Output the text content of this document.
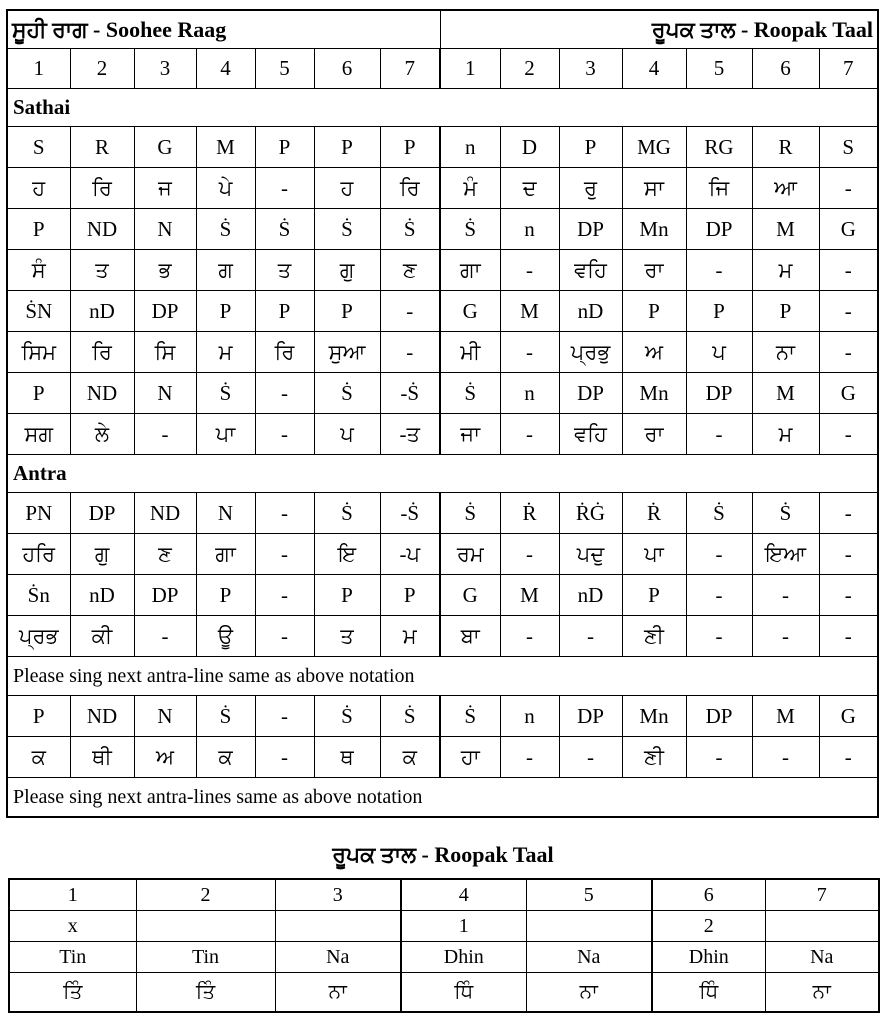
ਸੂਹੀ ਰਾਗ - Soohee Raag							ਰੂਪਕ ਤਾਲ - Roopak Taal						
1	2	3	4	5	6	7	1	2	3	4	5	6	7
Sathai													
S	R	G	M	P	P	P	n	D	P	MG	RG	R	S
ਹ	ਰਿ	ਜ	ਪੇ	-	ਹ	ਰਿ	ਮੰ	ਦ	ਰੁ	ਸਾ	ਜਿ	ਆ	-
P	ND	N	Ṡ	Ṡ	Ṡ	Ṡ	Ṡ	n	DP	Mn	DP	M	G
ਸੰ	ਤ	ਭ	ਗ	ਤ	ਗੁ	ਣ	ਗਾ	-	ਵਹਿ	ਰਾ	-	ਮ	-
ṠN	nD	DP	P	P	P	-	G	M	nD	P	P	P	-
ਸਿਮ	ਰਿ	ਸਿ	ਮ	ਰਿ	ਸੁਆ	-	ਮੀ	-	ਪ੍ਰਭੁ	ਅ	ਪ	ਨਾ	-
P	ND	N	Ṡ	-	Ṡ	-Ṡ	Ṡ	n	DP	Mn	DP	M	G
ਸਗ	ਲੇ	-	ਪਾ	-	ਪ	-ਤ	ਜਾ	-	ਵਹਿ	ਰਾ	-	ਮ	-
Antra													
PN	DP	ND	N	-	Ṡ	-Ṡ	Ṡ	Ṙ	ṘĠ	Ṙ	Ṡ	Ṡ	-
ਹਰਿ	ਗੁ	ਣ	ਗਾ	-	ਇ	-ਪ	ਰਮ	-	ਪਦੁ	ਪਾ	-	ਇਆ	-
Ṡn	nD	DP	P	-	P	P	G	M	nD	P	-	-	-
ਪ੍ਰਭ	ਕੀ	-	ਊ	-	ਤ	ਮ	ਬਾ	-	-	ਣੀ	-	-	-
Please sing next antra-line same as above notation													
P	ND	N	Ṡ	-	Ṡ	Ṡ	Ṡ	n	DP	Mn	DP	M	G
ਕ	ਥੀ	ਅ	ਕ	-	ਥ	ਕ	ਹਾ	-	-	ਣੀ	-	-	-
Please sing next antra-lines same as above notation													
ਰੂਪਕ ਤਾਲ - Roopak Taal
1	2	3	4	5	6	7
x			1		2	
Tin	Tin	Na	Dhin	Na	Dhin	Na
ਤਿੰ	ਤਿੰ	ਨਾ	ਧਿੰ	ਨਾ	ਧਿੰ	ਨਾ
